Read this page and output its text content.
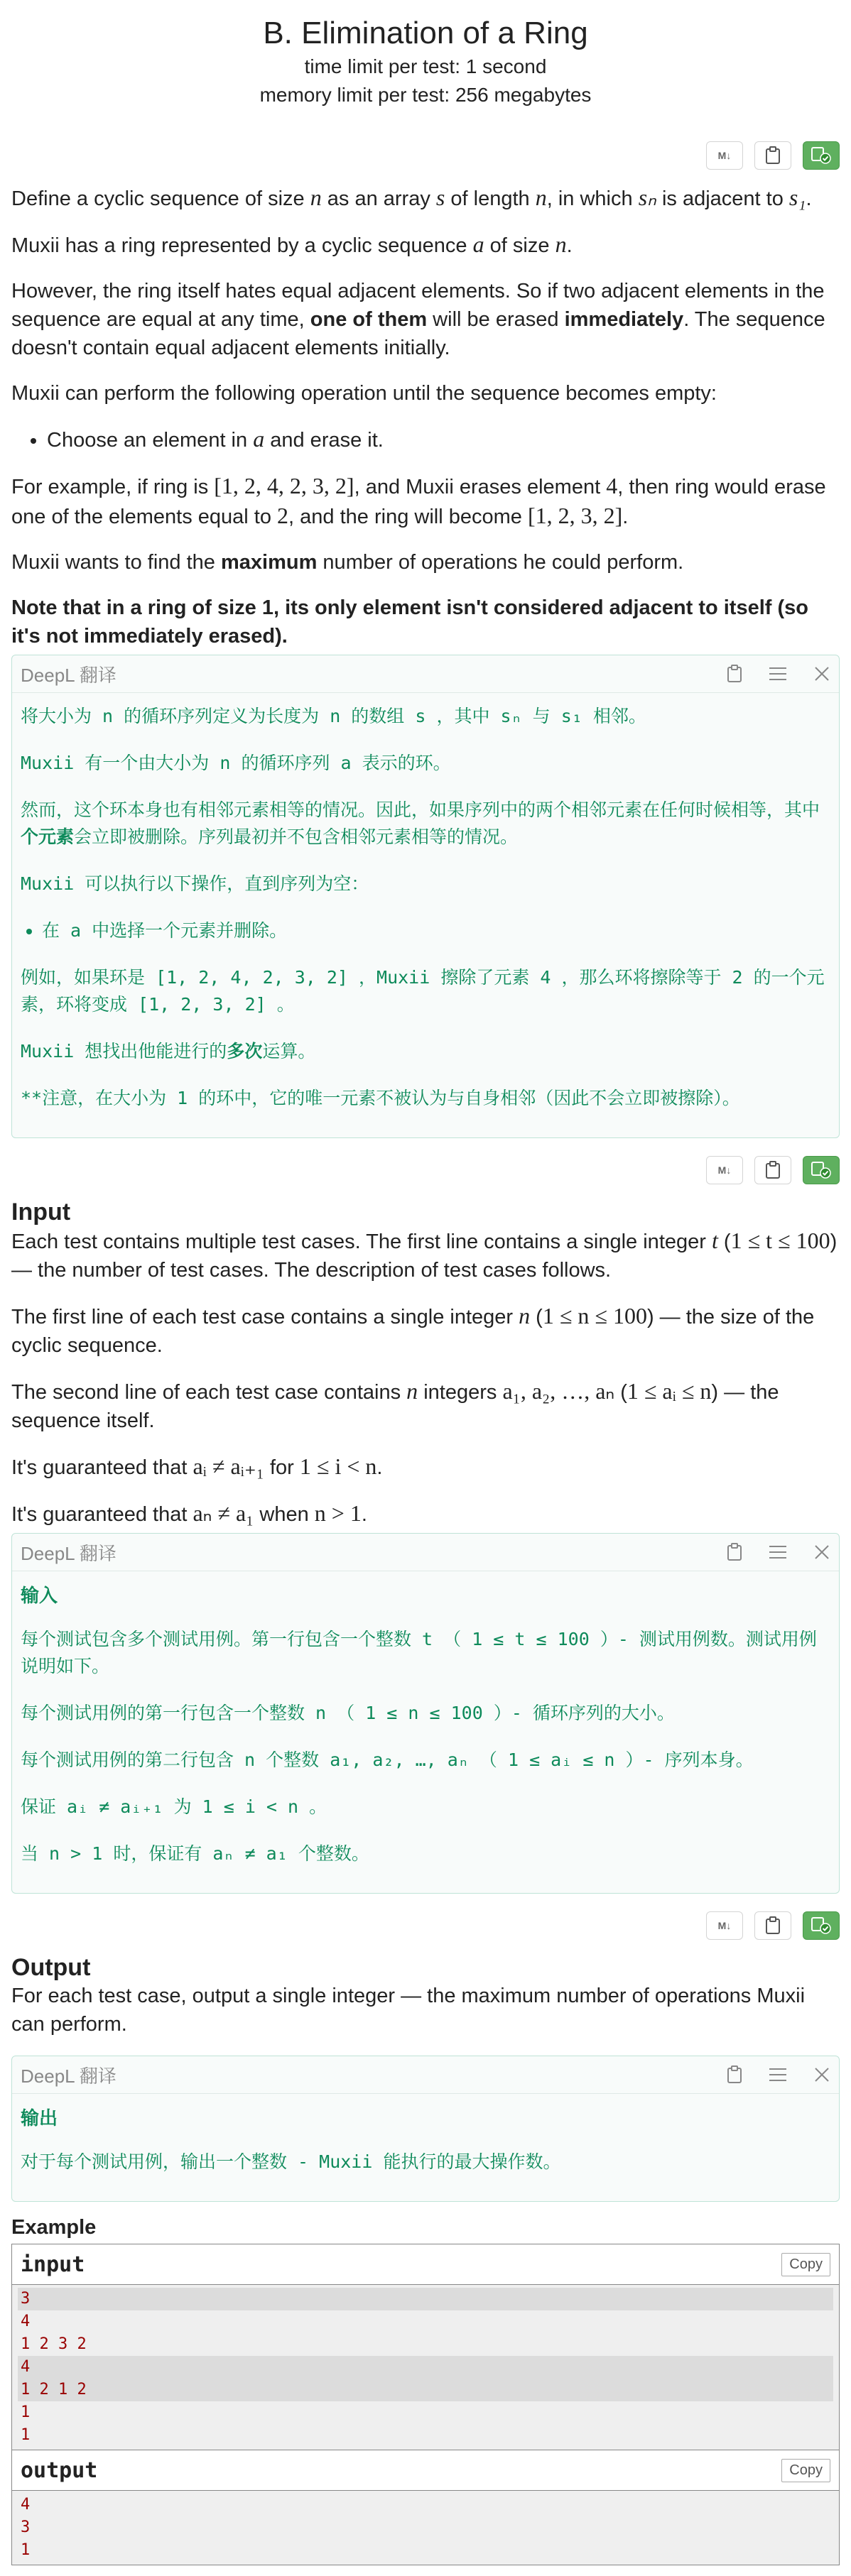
B. Elimination of a Ring
time limit per test: 1 second
memory limit per test: 256 megabytes
M↓

Define a cyclic sequence of size n as an array s of length n, in which sₙ is adjacent to s₁.

Muxii has a ring represented by a cyclic sequence a of size n.

However, the ring itself hates equal adjacent elements. So if two adjacent elements in the sequence are equal at any time, one of them will be erased immediately. The sequence doesn't contain equal adjacent elements initially.

Muxii can perform the following operation until the sequence becomes empty:

• Choose an element in a and erase it.

For example, if ring is [1, 2, 4, 2, 3, 2], and Muxii erases element 4, then ring would erase one of the elements equal to 2, and the ring will become [1, 2, 3, 2].

Muxii wants to find the maximum number of operations he could perform.

Note that in a ring of size 1, its only element isn't considered adjacent to itself (so it's not immediately erased).

DeepL 翻译

将大小为 n 的循环序列定义为长度为 n 的数组 s ，其中 sₙ 与 s₁ 相邻。

Muxii 有一个由大小为 n 的循环序列 a 表示的环。

然而，这个环本身也有相邻元素相等的情况。因此，如果序列中的两个相邻元素在任何时候相等，其中个元素会立即被删除。序列最初并不包含相邻元素相等的情况。

Muxii 可以执行以下操作，直到序列为空：

• 在 a 中选择一个元素并删除。

例如，如果环是 [1, 2, 4, 2, 3, 2] ，Muxii 擦除了元素 4 ，那么环将擦除等于 2 的一个元素，环将变成 [1, 2, 3, 2] 。

Muxii 想找出他能进行的多次运算。

**注意，在大小为 1 的环中，它的唯一元素不被认为与自身相邻（因此不会立即被擦除）。

M↓
Input

Each test contains multiple test cases. The first line contains a single integer t (1 ≤ t ≤ 100) — the number of test cases. The description of test cases follows.

The first line of each test case contains a single integer n (1 ≤ n ≤ 100) — the size of the cyclic sequence.

The second line of each test case contains n integers a₁, a₂, …, aₙ (1 ≤ aᵢ ≤ n) — the sequence itself.

It's guaranteed that aᵢ ≠ aᵢ₊₁ for 1 ≤ i < n.

It's guaranteed that aₙ ≠ a₁ when n > 1.

DeepL 翻译
输入

每个测试包含多个测试用例。第一行包含一个整数 t （ 1 ≤ t ≤ 100 ）- 测试用例数。测试用例说明如下。

每个测试用例的第一行包含一个整数 n （ 1 ≤ n ≤ 100 ）- 循环序列的大小。

每个测试用例的第二行包含 n 个整数 a₁, a₂, …, aₙ （ 1 ≤ aᵢ ≤ n ）- 序列本身。

保证 aᵢ ≠ aᵢ₊₁ 为 1 ≤ i < n 。

当 n > 1 时，保证有 aₙ ≠ a₁ 个整数。

M↓
Output

For each test case, output a single integer — the maximum number of operations Muxii can perform.

DeepL 翻译
输出

对于每个测试用例，输出一个整数 - Muxii 能执行的最大操作数。

Example
input	Copy
3
4
1 2 3 2
4
1 2 1 2
1
1
output	Copy
4
3
1
